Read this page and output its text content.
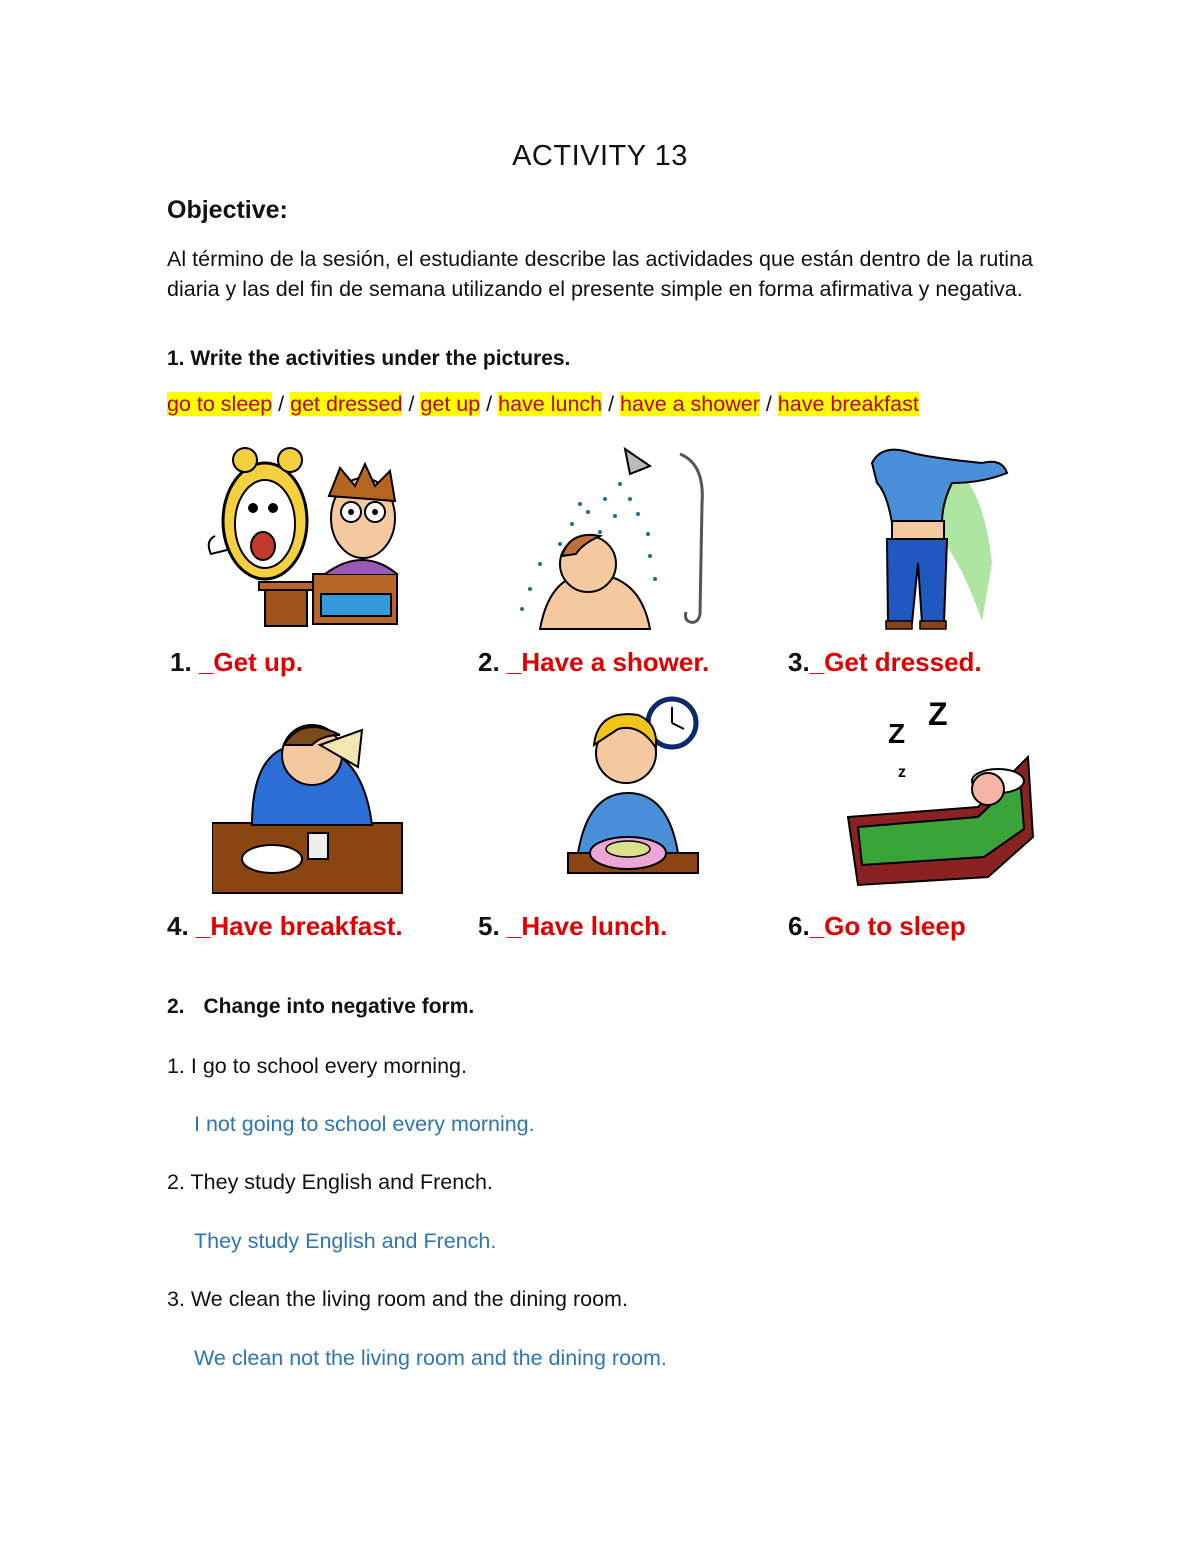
ACTIVITY 13
Objective:
Al término de la sesión, el estudiante describe las actividades que están dentro de la rutina diaria y las del fin de semana utilizando el presente simple en forma afirmativa y negativa.
1. Write the activities under the pictures.
go to sleep / get dressed / get up / have lunch / have a shower / have breakfast
Z
Z
z
1. _Get up.	2. _Have a shower.	3._Get dressed.
4. _Have breakfast.	5. _Have lunch.	6._Go to sleep
2. Change into negative form.
1. I go to school every morning.
I not going to school every morning.
2. They study English and French.
They study English and French.
3. We clean the living room and the dining room.
We clean not the living room and the dining room.
